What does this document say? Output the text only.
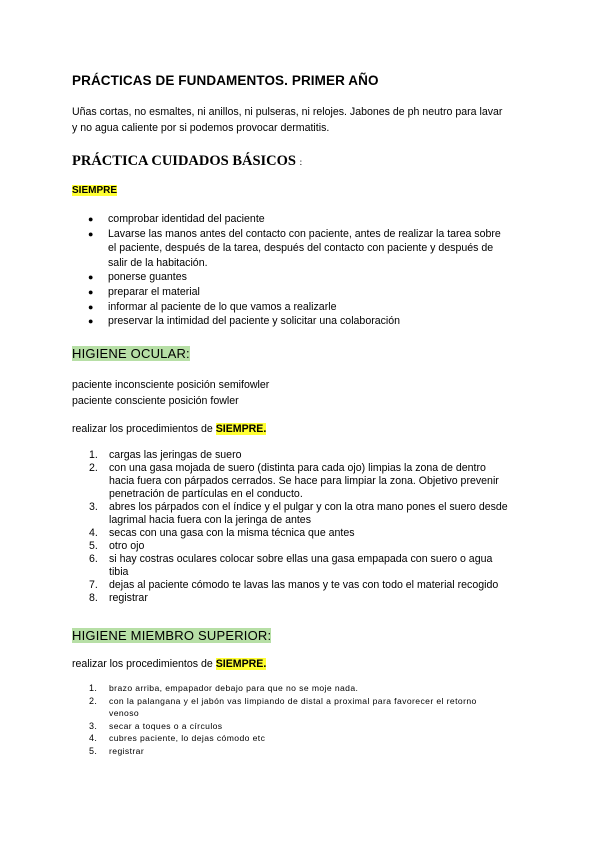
PRÁCTICAS DE FUNDAMENTOS. PRIMER AÑO
Uñas cortas, no esmaltes, ni anillos, ni pulseras, ni relojes. Jabones de ph neutro para lavar
y no agua caliente por si podemos provocar dermatitis.
PRÁCTICA CUIDADOS BÁSICOS :
SIEMPRE
● comprobar identidad del paciente
● Lavarse las manos antes del contacto con paciente, antes de realizar la tarea sobre
el paciente, después de la tarea, después del contacto con paciente y después de
salir de la habitación.
● ponerse guantes
● preparar el material
● informar al paciente de lo que vamos a realizarle
● preservar la intimidad del paciente y solicitar una colaboración
HIGIENE OCULAR:
paciente inconsciente posición semifowler
paciente consciente posición fowler
realizar los procedimientos de SIEMPRE.
1. cargas las jeringas de suero
2. con una gasa mojada de suero (distinta para cada ojo) limpias la zona de dentro
hacia fuera con párpados cerrados. Se hace para limpiar la zona. Objetivo prevenir
penetración de partículas en el conducto.
3. abres los párpados con el índice y el pulgar y con la otra mano pones el suero desde
lagrimal hacia fuera con la jeringa de antes
4. secas con una gasa con la misma técnica que antes
5. otro ojo
6. si hay costras oculares colocar sobre ellas una gasa empapada con suero o agua
tibia
7. dejas al paciente cómodo te lavas las manos y te vas con todo el material recogido
8. registrar
HIGIENE MIEMBRO SUPERIOR:
realizar los procedimientos de SIEMPRE.
1. brazo arriba, empapador debajo para que no se moje nada.
2. con la palangana y el jabón vas limpiando de distal a proximal para favorecer el retorno
venoso
3. secar a toques o a círculos
4. cubres paciente, lo dejas cómodo etc
5. registrar
